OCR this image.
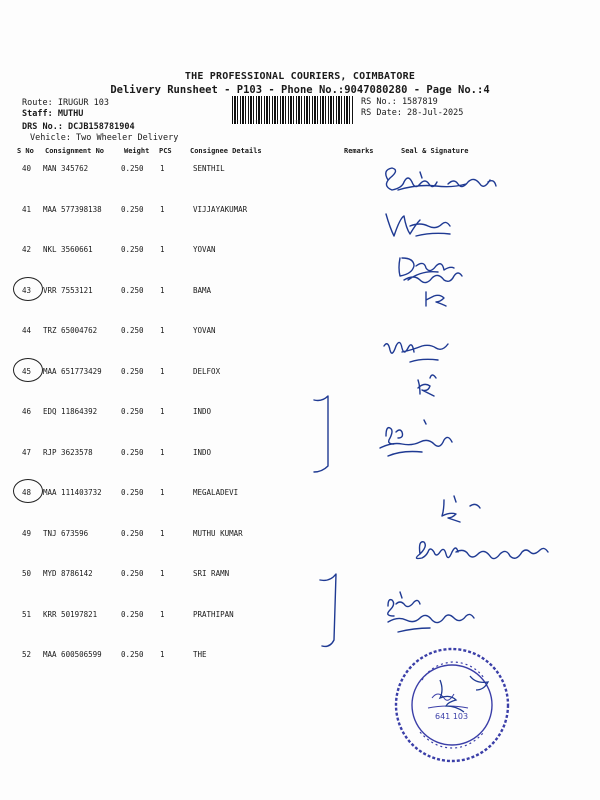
THE PROFESSIONAL COURIERS, COIMBATORE
Delivery Runsheet - P103 - Phone No.:9047080280 - Page No.:4
Route: IRUGUR 103
Staff: MUTHU
DRS No.: DCJB158781904
Vehicle: Two Wheeler Delivery
RS No.: 1587819
RS Date: 28-Jul-2025
S No Consignment No	Weight PCS	Consignee Details	Remarks	Seal & Signature
40 MAN 345762	0.250 1	SENTHIL
41 MAA 577398138	0.250 1	VIJJAYAKUMAR
42 NKL 3560661	0.250 1	YOVAN
43 VRR 7553121	0.250 1	BAMA
44 TRZ 65004762	0.250 1	YOVAN
45 MAA 651773429	0.250 1	DELFOX
46 EDQ 11864392	0.250 1	INDO
47 RJP 3623578	0.250 1	INDO
48 MAA 111403732	0.250 1	MEGALADEVI
49 TNJ 673596	0.250 1	MUTHU KUMAR
50 MYD 8786142	0.250 1	SRI RAMN
51 KRR 50197821	0.250 1	PRATHIPAN
52 MAA 600506599	0.250 1	THE
641 103
